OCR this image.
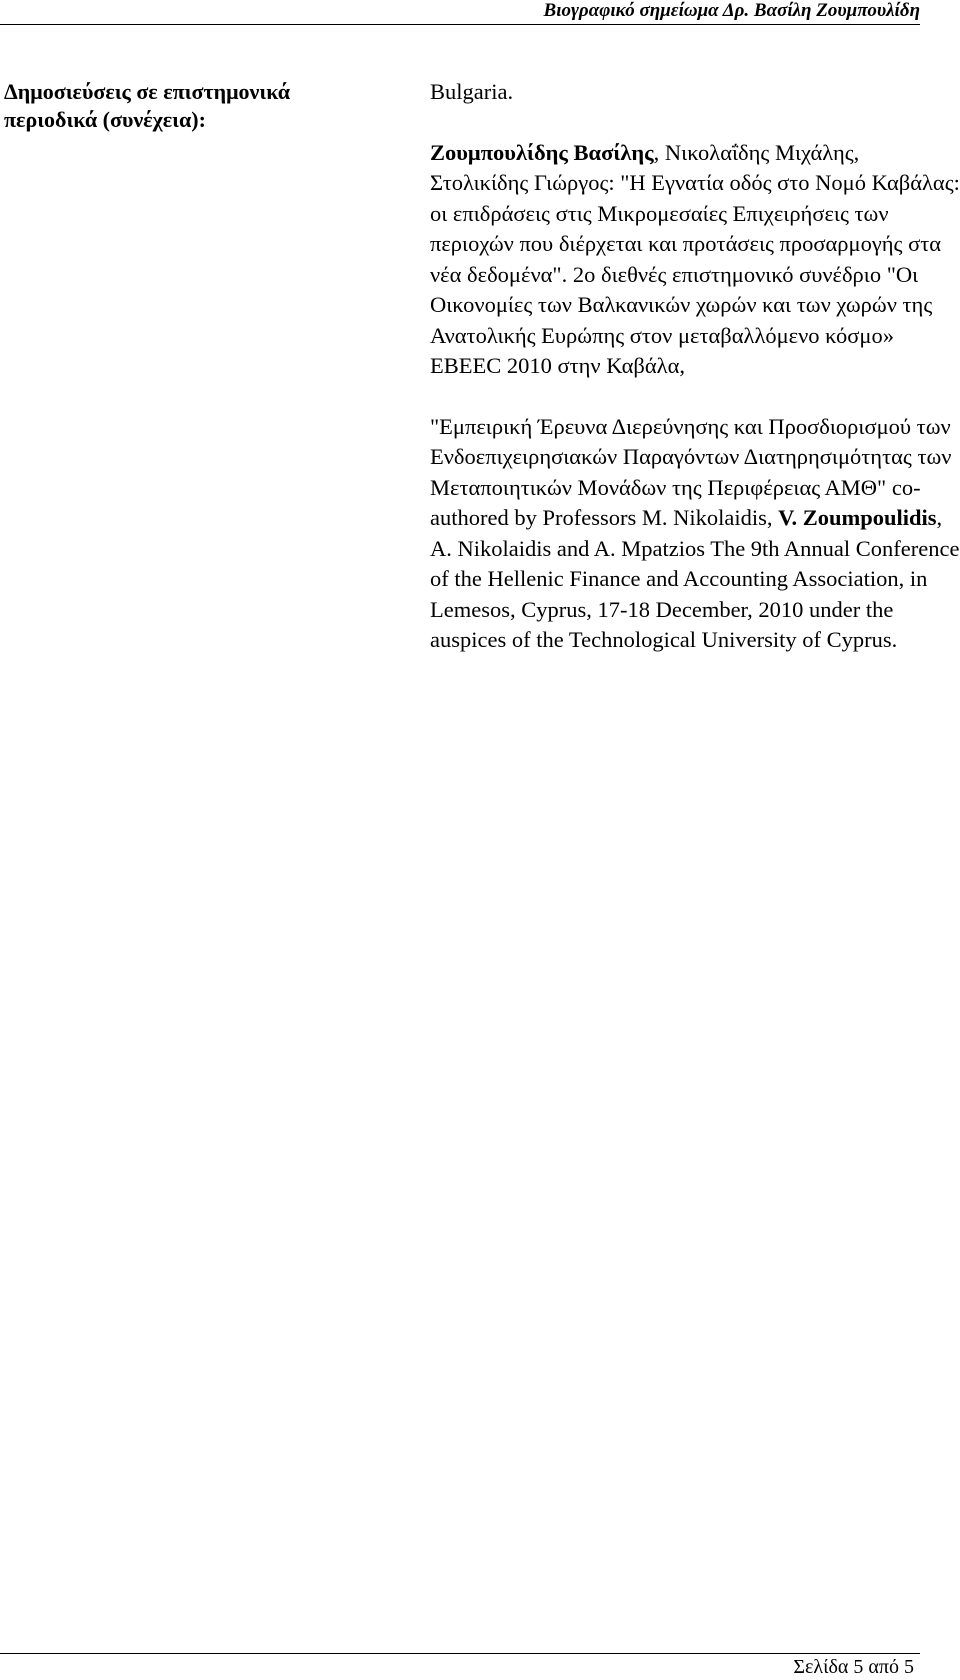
Βιογραφικό σημείωμα Δρ. Βασίλη Ζουμπουλίδη
Δημοσιεύσεις σε επιστημονικά περιοδικά (συνέχεια):

Bulgaria.

Ζουμπουλίδης Βασίλης, Νικολαΐδης Μιχάλης, Στολικίδης Γιώργος: "Η Εγνατία οδός στο Νομό Καβάλας: οι επιδράσεις στις Μικρομεσαίες Επιχειρήσεις των περιοχών που διέρχεται και προτάσεις προσαρμογής στα νέα δεδομένα". 2ο διεθνές επιστημονικό συνέδριο "Οι Οικονομίες των Βαλκανικών χωρών και των χωρών της Ανατολικής Ευρώπης στον μεταβαλλόμενο κόσμο» EBEEC 2010 στην Καβάλα,

"Εμπειρική Έρευνα Διερεύνησης και Προσδιορισμού των Ενδοεπιχειρησιακών Παραγόντων Διατηρησιμότητας των Μεταποιητικών Μονάδων της Περιφέρειας ΑΜΘ" co-authored by Professors M. Nikolaidis, V. Zoumpoulidis, A. Nikolaidis and A. Mpatzios The 9th Annual Conference of the Hellenic Finance and Accounting Association, in Lemesos, Cyprus, 17-18 December, 2010 under the auspices of the Technological University of Cyprus.

Σελίδα 5 από 5
